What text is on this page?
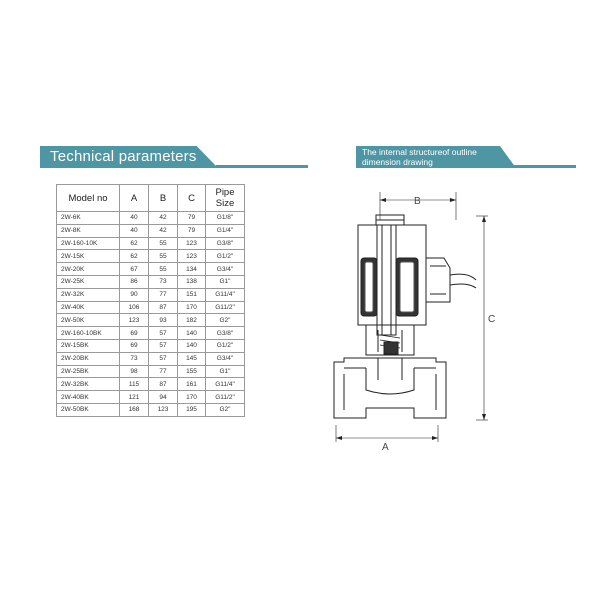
Technical parameters	The internal structureof outline
dimension drawing
Model no	A	B	C	Pipe Size
2W-6K	40	42	79	G1/8"
2W-8K	40	42	79	G1/4"
2W-160-10K	62	55	123	G3/8"
2W-15K	62	55	123	G1/2"
2W-20K	67	55	134	G3/4"
2W-25K	86	73	138	G1"
2W-32K	90	77	151	G11/4"
2W-40K	106	87	170	G11/2"
2W-50K	123	93	182	G2"
2W-160-10BK	69	57	140	G3/8"
2W-15BK	69	57	140	G1/2"
2W-20BK	73	57	145	G3/4"
2W-25BK	98	77	155	G1"
2W-32BK	115	87	161	G11/4"
2W-40BK	121	94	170	G11/2"
2W-50BK	168	123	195	G2"
B
C
A
